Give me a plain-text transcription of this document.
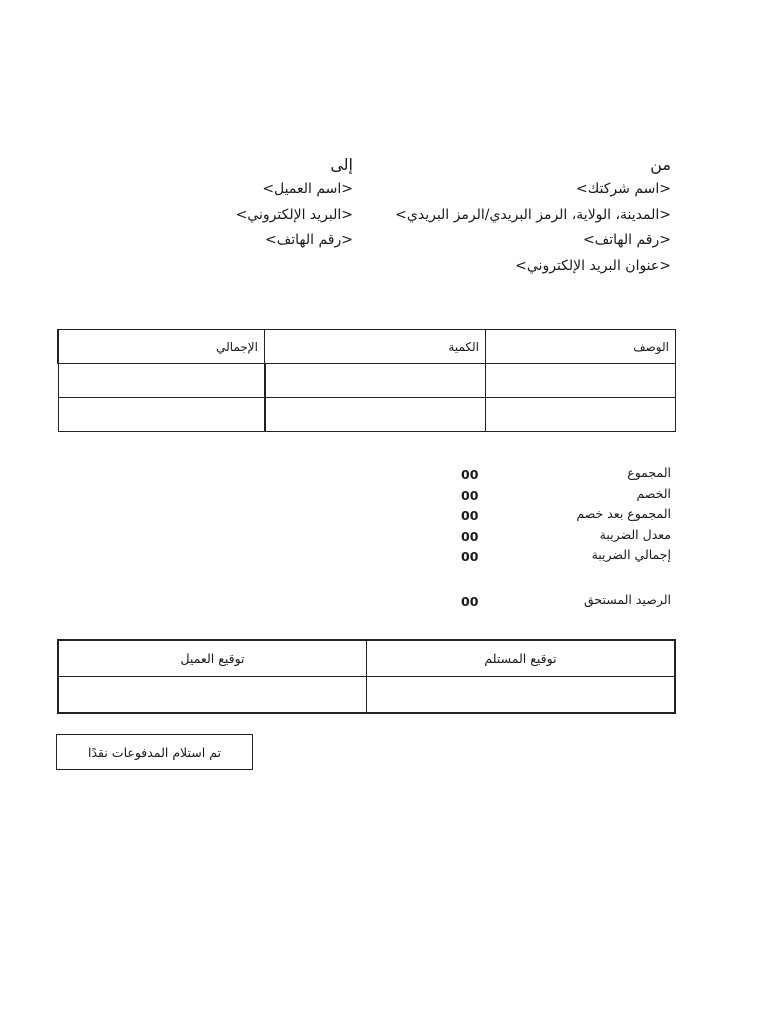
من
<اسم شركتك>
<المدينة، الولاية، الرمز البريدي/الرمز البريدي>
<رقم الهاتف>
<عنوان البريد الإلكتروني>
إلى
<اسم العميل>
<البريد الإلكتروني>
<رقم الهاتف>
الوصف	الكمية	الإجمالي

المجموع
00
الخصم
00
المجموع بعد خصم
00
معدل الضريبة
00
إجمالي الضريبة
00
الرصيد المستحق
00
توقيع المستلم	توقيع العميل

تم استلام المدفوعات نقدًا
